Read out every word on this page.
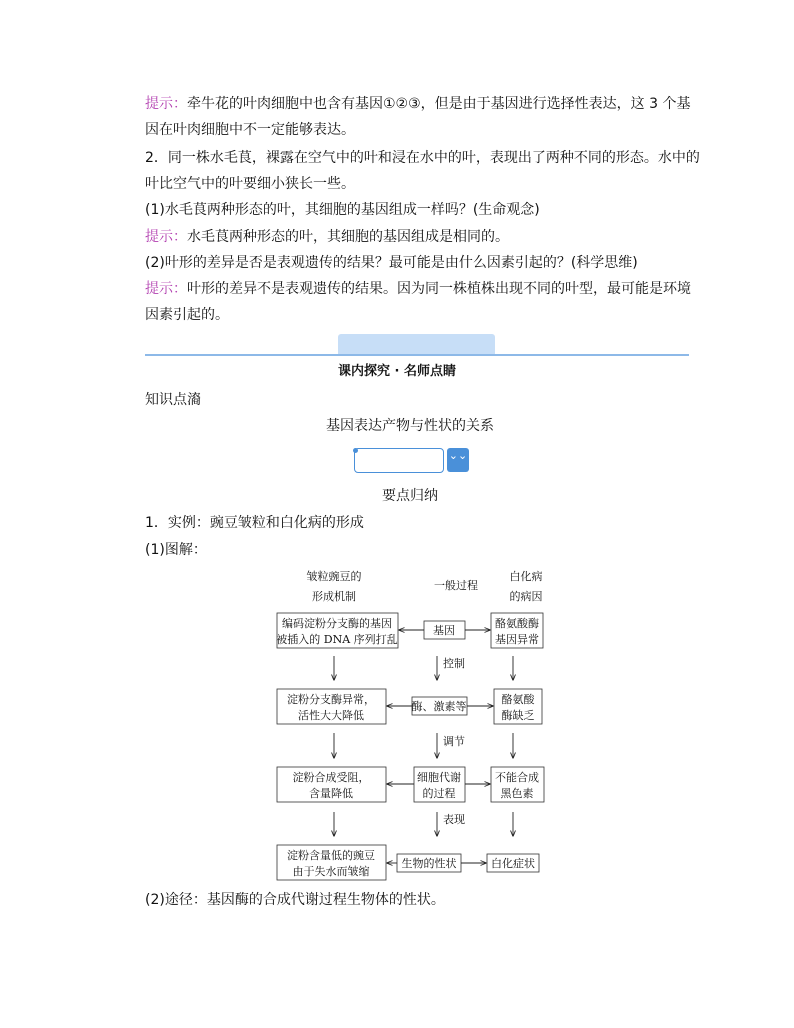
提示：牵牛花的叶肉细胞中也含有基因①②③，但是由于基因进行选择性表达，这 3 个基
因在叶肉细胞中不一定能够表达。
2．同一株水毛茛，裸露在空气中的叶和浸在水中的叶，表现出了两种不同的形态。水中的
叶比空气中的叶要细小狭长一些。
(1)水毛茛两种形态的叶，其细胞的基因组成一样吗？(生命观念)
提示：水毛茛两种形态的叶，其细胞的基因组成是相同的。
(2)叶形的差异是否是表观遗传的结果？最可能是由什么因素引起的？(科学思维)
提示：叶形的差异不是表观遗传的结果。因为同一株植株出现不同的叶型，最可能是环境
因素引起的。
课内探究 · 名师点睛
知识点㵝
基因表达产物与性状的关系
⌄⌄
要点归纳
1．实例：豌豆皱粒和白化病的形成
(1)图解：
皱粒豌豆的
形成机制
一般过程
白化病
的病因
编码淀粉分支酶的基因
被插入的 DNA 序列打乱
基因
酪氨酸酶
基因异常
控制
淀粉分支酶异常，
活性大大降低
酶、激素等
酪氨酸
酶缺乏
调节
淀粉合成受阻，
含量降低
细胞代谢
的过程
不能合成
黑色素
表现
淀粉含量低的豌豆
由于失水而皱缩
生物的性状	白化症状
(2)途径：基因酶的合成代谢过程生物体的性状。
